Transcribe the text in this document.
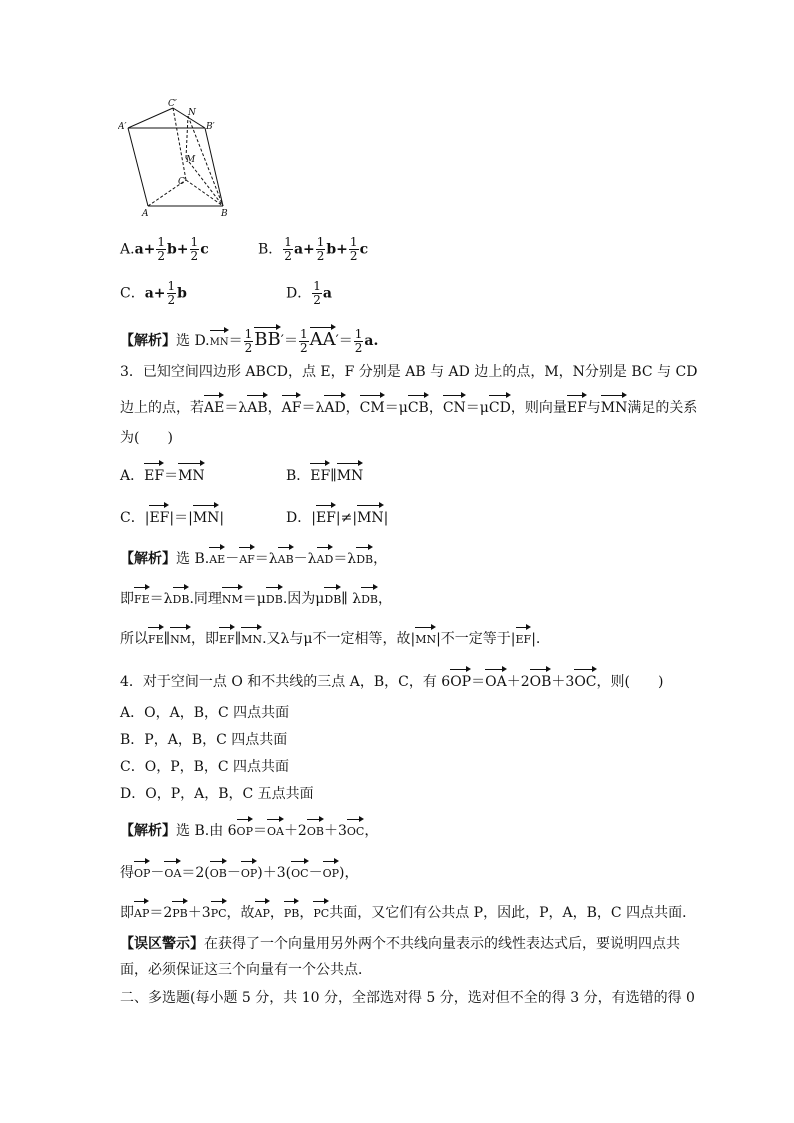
C′
N
A′	B′
M
C
A	B
$A.a+ \frac{1}{2} b+ \frac{1}{2}$ c	B． $\frac{1}{2} a+ \frac{1}{2} b+ \frac{1}{2}$ c
C．$a+ \frac{1}{2}$ b	D． $\frac{1}{2}$ a
【解析】选 $D.MN= \frac{1}{2} BB'= \frac{1}{2} AA'= \frac{1}{2} a$.
3．已知空间四边形 ABCD，点 E，F 分别是 AB 与 AD 边上的点，M，N分别是 BC 与 CD
边上的点，若AE＝λAB，AF＝λAD，CM＝μCB，CN＝μCD，则向量EF与MN满足的关系
为(　　)
A．EF＝MN	B．EF∥MN
C．|EF|＝|MN|	D．|EF|≠|MN|
【解析】选 B.AE－AF＝λAB－λAD＝λDB，
即FE＝λDB.同理NM＝μDB.因为μDB∥ λDB，
所以FE∥NM，即EF∥MN.又λ与μ不一定相等，故|MN|不一定等于|EF|.
4．对于空间一点 O 和不共线的三点 A，B，C，有 6OP＝OA＋2OB＋3OC，则(　　)
A．O，A，B，C 四点共面
B．P，A，B，C 四点共面
C．O，P，B，C 四点共面
D．O，P，A，B，C 五点共面
【解析】选 B.由 6OP＝OA＋2OB＋3OC，
得OP－OA＝2(OB－OP)＋3(OC－OP)，
即AP＝2PB＋3PC，故AP，PB，PC共面，又它们有公共点 P，因此，P，A，B，C 四点共面．
【误区警示】在获得了一个向量用另外两个不共线向量表示的线性表达式后，要说明四点共
面，必须保证这三个向量有一个公共点．
二、多选题(每小题 5 分，共 10 分，全部选对得 5 分，选对但不全的得 3 分，有选错的得 0
